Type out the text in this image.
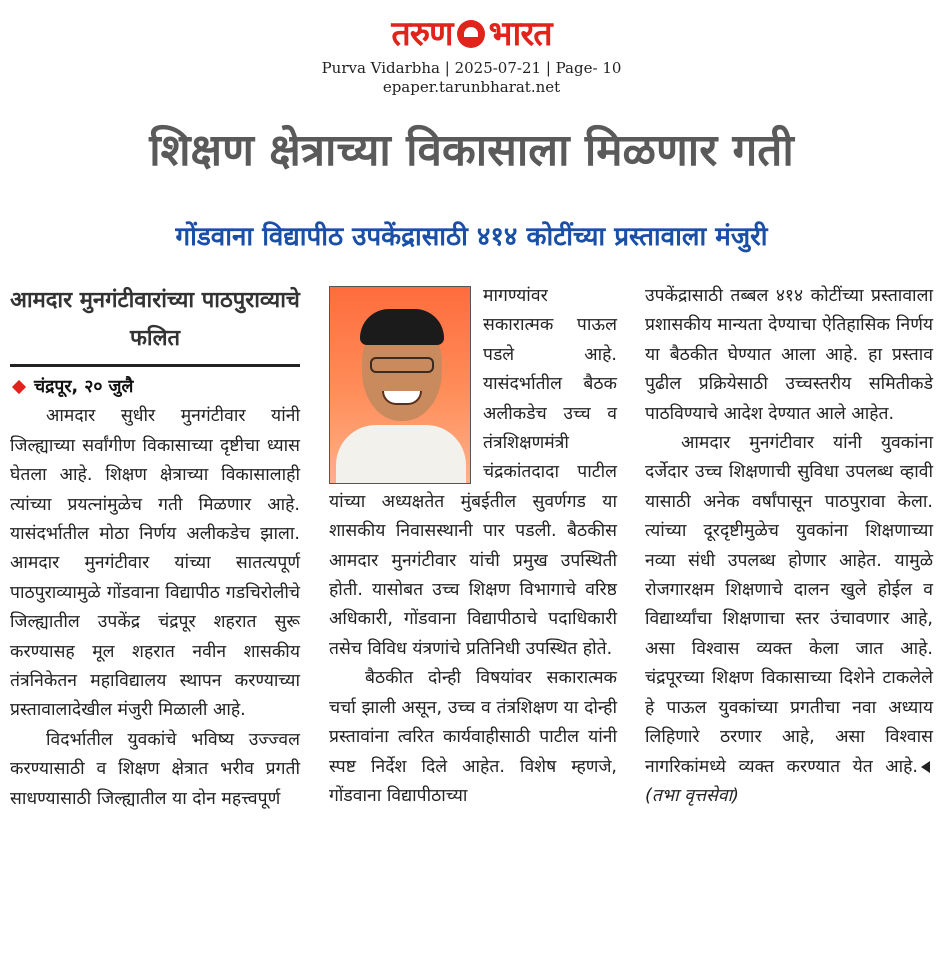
तरुण भारत
Purva Vidarbha | 2025-07-21 | Page- 10
epaper.tarunbharat.net
शिक्षण क्षेत्राच्या विकासाला मिळणार गती
गोंडवाना विद्यापीठ उपकेंद्रासाठी ४१४ कोटींच्या प्रस्तावाला मंजुरी
आमदार मुनगंटीवारांच्या पाठपुराव्याचे फलित
चंद्रपूर, २० जुलै

आमदार सुधीर मुनगंटीवार यांनी जिल्ह्याच्या सर्वांगीण विकासाच्या दृष्टीचा ध्यास घेतला आहे. शिक्षण क्षेत्राच्या विकासालाही त्यांच्या प्रयत्नांमुळेच गती मिळणार आहे. यासंदर्भातील मोठा निर्णय अलीकडेच झाला. आमदार मुनगंटीवार यांच्या सातत्यपूर्ण पाठपुराव्यामुळे गोंडवाना विद्यापीठ गडचिरोलीचे जिल्ह्यातील उपकेंद्र चंद्रपूर शहरात सुरू करण्यासह मूल शहरात नवीन शासकीय तंत्रनिकेतन महाविद्यालय स्थापन करण्याच्या प्रस्तावालादेखील मंजुरी मिळाली आहे.

विदर्भातील युवकांचे भविष्य उज्ज्वल करण्यासाठी व शिक्षण क्षेत्रात भरीव प्रगती साधण्यासाठी जिल्ह्यातील या दोन महत्त्वपूर्ण

मागण्यांवर सकारात्मक पाऊल पडले आहे. यासंदर्भातील बैठक अलीकडेच उच्च व तंत्रशिक्षणमंत्री चंद्रकांतदादा पाटील यांच्या अध्यक्षतेत मुंबईतील सुवर्णगड या शासकीय निवासस्थानी पार पडली. बैठकीस आमदार मुनगंटीवार यांची प्रमुख उपस्थिती होती. यासोबत उच्च शिक्षण विभागाचे वरिष्ठ अधिकारी, गोंडवाना विद्यापीठाचे पदाधिकारी तसेच विविध यंत्रणांचे प्रतिनिधी उपस्थित होते.

बैठकीत दोन्ही विषयांवर सकारात्मक चर्चा झाली असून, उच्च व तंत्रशिक्षण या दोन्ही प्रस्तावांना त्वरित कार्यवाहीसाठी पाटील यांनी स्पष्ट निर्देश दिले आहेत. विशेष म्हणजे, गोंडवाना विद्यापीठाच्या

उपकेंद्रासाठी तब्बल ४१४ कोटींच्या प्रस्तावाला प्रशासकीय मान्यता देण्याचा ऐतिहासिक निर्णय या बैठकीत घेण्यात आला आहे. हा प्रस्ताव पुढील प्रक्रियेसाठी उच्चस्तरीय समितीकडे पाठविण्याचे आदेश देण्यात आले आहेत.

आमदार मुनगंटीवार यांनी युवकांना दर्जेदार उच्च शिक्षणाची सुविधा उपलब्ध व्हावी यासाठी अनेक वर्षांपासून पाठपुरावा केला. त्यांच्या दूरदृष्टीमुळेच युवकांना शिक्षणाच्या नव्या संधी उपलब्ध होणार आहेत. यामुळे रोजगारक्षम शिक्षणाचे दालन खुले होईल व विद्यार्थ्यांचा शिक्षणाचा स्तर उंचावणार आहे, असा विश्वास व्यक्त केला जात आहे. चंद्रपूरच्या शिक्षण विकासाच्या दिशेने टाकलेले हे पाऊल युवकांच्या प्रगतीचा नवा अध्याय लिहिणारे ठरणार आहे, असा विश्वास नागरिकांमध्ये व्यक्त करण्यात येत आहे.(तभा वृत्तसेवा)
